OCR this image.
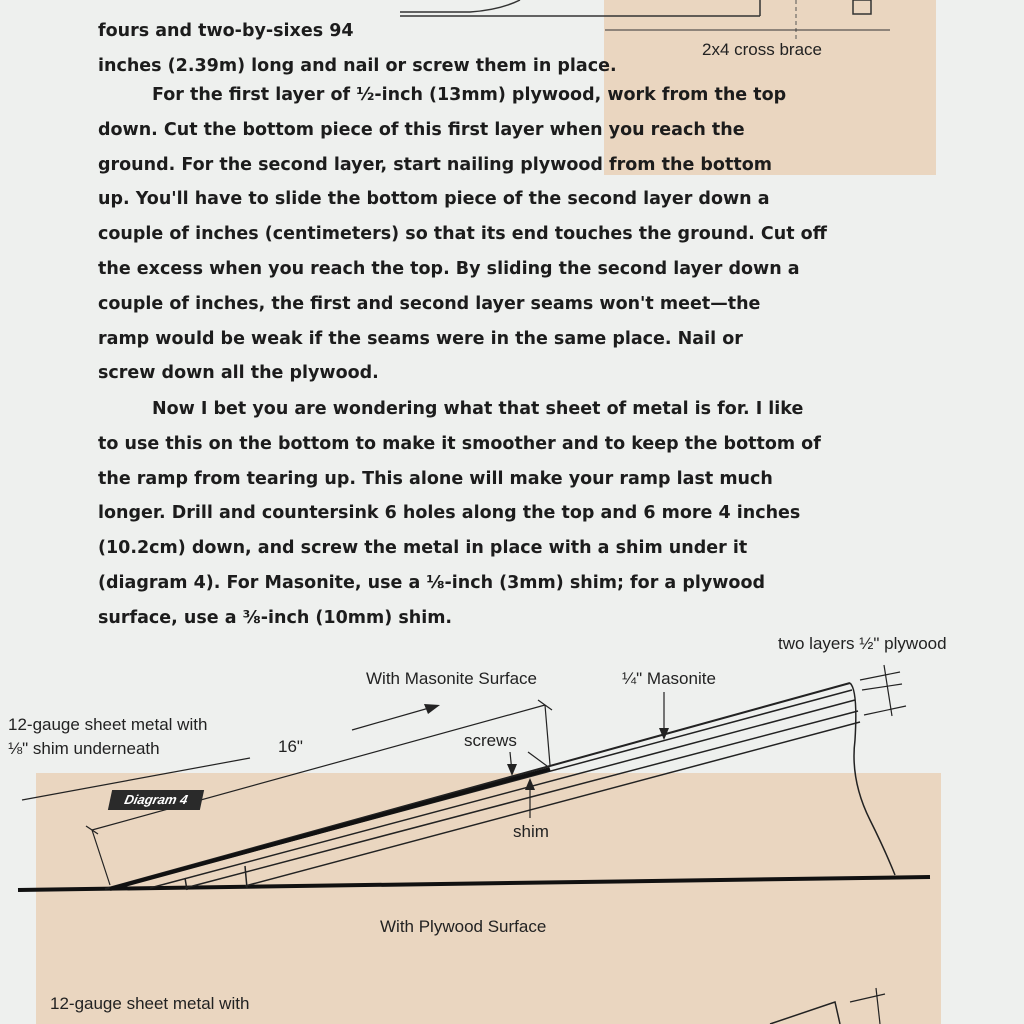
2x4 cross brace
fours and two-by-sixes 94
inches (2.39m) long and nail or screw them in place.
For the first layer of ½-inch (13mm) plywood, work from the top
down. Cut the bottom piece of this first layer when you reach the
ground. For the second layer, start nailing plywood from the bottom
up. You'll have to slide the bottom piece of the second layer down a
couple of inches (centimeters) so that its end touches the ground. Cut off
the excess when you reach the top. By sliding the second layer down a
couple of inches, the first and second layer seams won't meet—the
ramp would be weak if the seams were in the same place. Nail or
screw down all the plywood.
Now I bet you are wondering what that sheet of metal is for. I like
to use this on the bottom to make it smoother and to keep the bottom of
the ramp from tearing up. This alone will make your ramp last much
longer. Drill and countersink 6 holes along the top and 6 more 4 inches
(10.2cm) down, and screw the metal in place with a shim under it
(diagram 4). For Masonite, use a ⅛-inch (3mm) shim; for a plywood
surface, use a ⅜-inch (10mm) shim.
Diagram 4
With Masonite Surface
two layers ½" plywood
¼" Masonite
12-gauge sheet metal with
⅛" shim underneath	16"	screws
shim
With Plywood Surface
12-gauge sheet metal with
